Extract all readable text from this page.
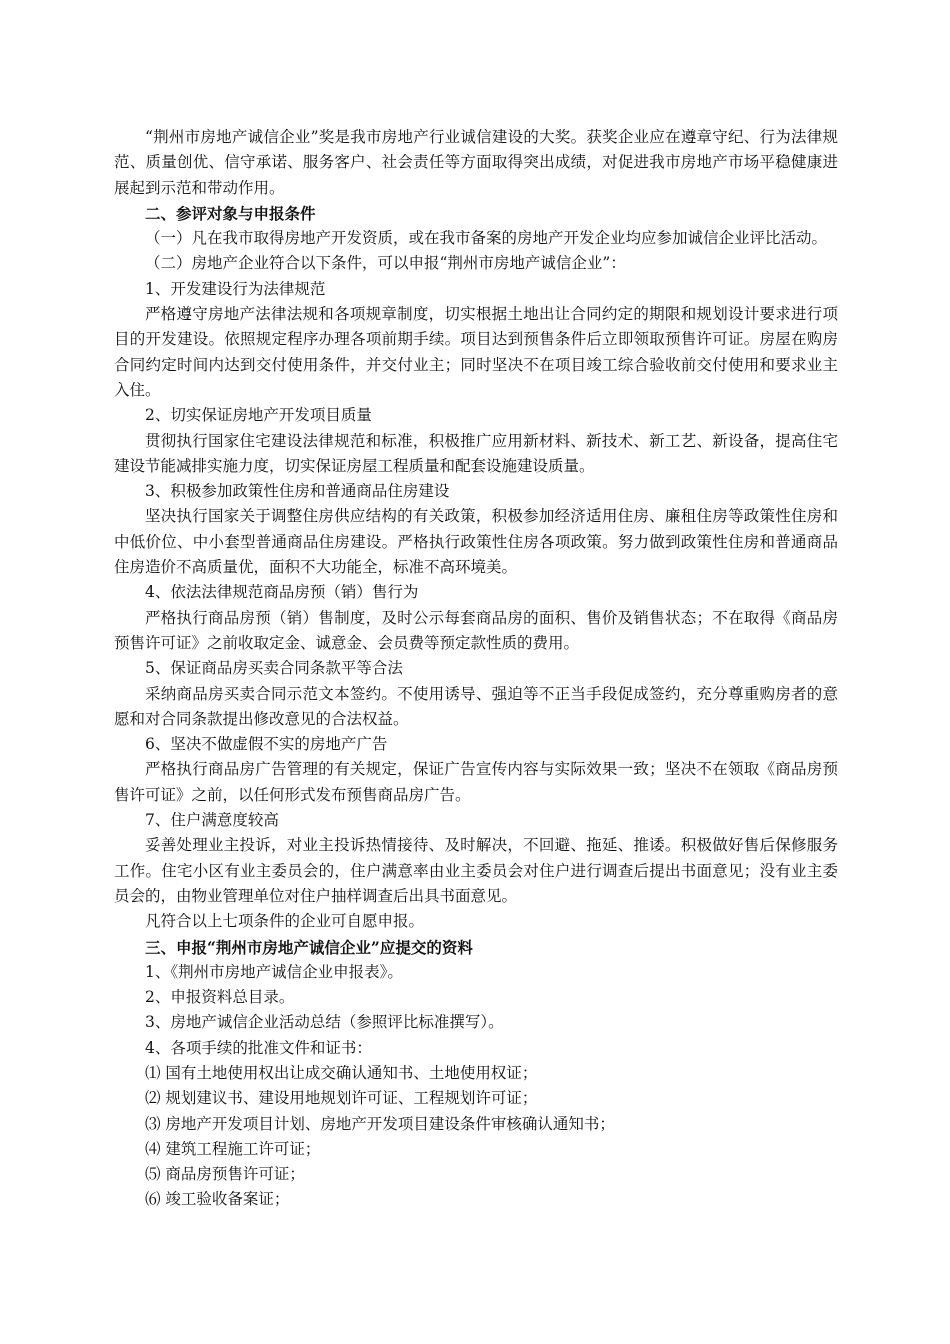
“荆州市房地产诚信企业”奖是我市房地产行业诚信建设的大奖。获奖企业应在遵章守纪、行为法律规范、质量创优、信守承诺、服务客户、社会责任等方面取得突出成绩，对促进我市房地产市场平稳健康进展起到示范和带动作用。

二、参评对象与申报条件

（一）凡在我市取得房地产开发资质，或在我市备案的房地产开发企业均应参加诚信企业评比活动。

（二）房地产企业符合以下条件，可以申报“荆州市房地产诚信企业”：

1、开发建设行为法律规范

严格遵守房地产法律法规和各项规章制度，切实根据土地出让合同约定的期限和规划设计要求进行项目的开发建设。依照规定程序办理各项前期手续。项目达到预售条件后立即领取预售许可证。房屋在购房合同约定时间内达到交付使用条件，并交付业主；同时坚决不在项目竣工综合验收前交付使用和要求业主入住。

2、切实保证房地产开发项目质量

贯彻执行国家住宅建设法律规范和标准，积极推广应用新材料、新技术、新工艺、新设备，提高住宅建设节能减排实施力度，切实保证房屋工程质量和配套设施建设质量。

3、积极参加政策性住房和普通商品住房建设

坚决执行国家关于调整住房供应结构的有关政策，积极参加经济适用住房、廉租住房等政策性住房和中低价位、中小套型普通商品住房建设。严格执行政策性住房各项政策。努力做到政策性住房和普通商品住房造价不高质量优，面积不大功能全，标准不高环境美。

4、依法法律规范商品房预（销）售行为

严格执行商品房预（销）售制度，及时公示每套商品房的面积、售价及销售状态；不在取得《商品房预售许可证》之前收取定金、诚意金、会员费等预定款性质的费用。

5、保证商品房买卖合同条款平等合法

采纳商品房买卖合同示范文本签约。不使用诱导、强迫等不正当手段促成签约，充分尊重购房者的意愿和对合同条款提出修改意见的合法权益。

6、坚决不做虚假不实的房地产广告

严格执行商品房广告管理的有关规定，保证广告宣传内容与实际效果一致；坚决不在领取《商品房预售许可证》之前，以任何形式发布预售商品房广告。

7、住户满意度较高

妥善处理业主投诉，对业主投诉热情接待、及时解决，不回避、拖延、推诿。积极做好售后保修服务工作。住宅小区有业主委员会的，住户满意率由业主委员会对住户进行调查后提出书面意见；没有业主委员会的，由物业管理单位对住户抽样调查后出具书面意见。

凡符合以上七项条件的企业可自愿申报。

三、申报“荆州市房地产诚信企业”应提交的资料

1、《荆州市房地产诚信企业申报表》。

2、申报资料总目录。

3、房地产诚信企业活动总结（参照评比标准撰写）。

4、各项手续的批准文件和证书：

⑴ 国有土地使用权出让成交确认通知书、土地使用权证；

⑵ 规划建议书、建设用地规划许可证、工程规划许可证；

⑶ 房地产开发项目计划、房地产开发项目建设条件审核确认通知书；

⑷ 建筑工程施工许可证；

⑸ 商品房预售许可证；

⑹ 竣工验收备案证；
